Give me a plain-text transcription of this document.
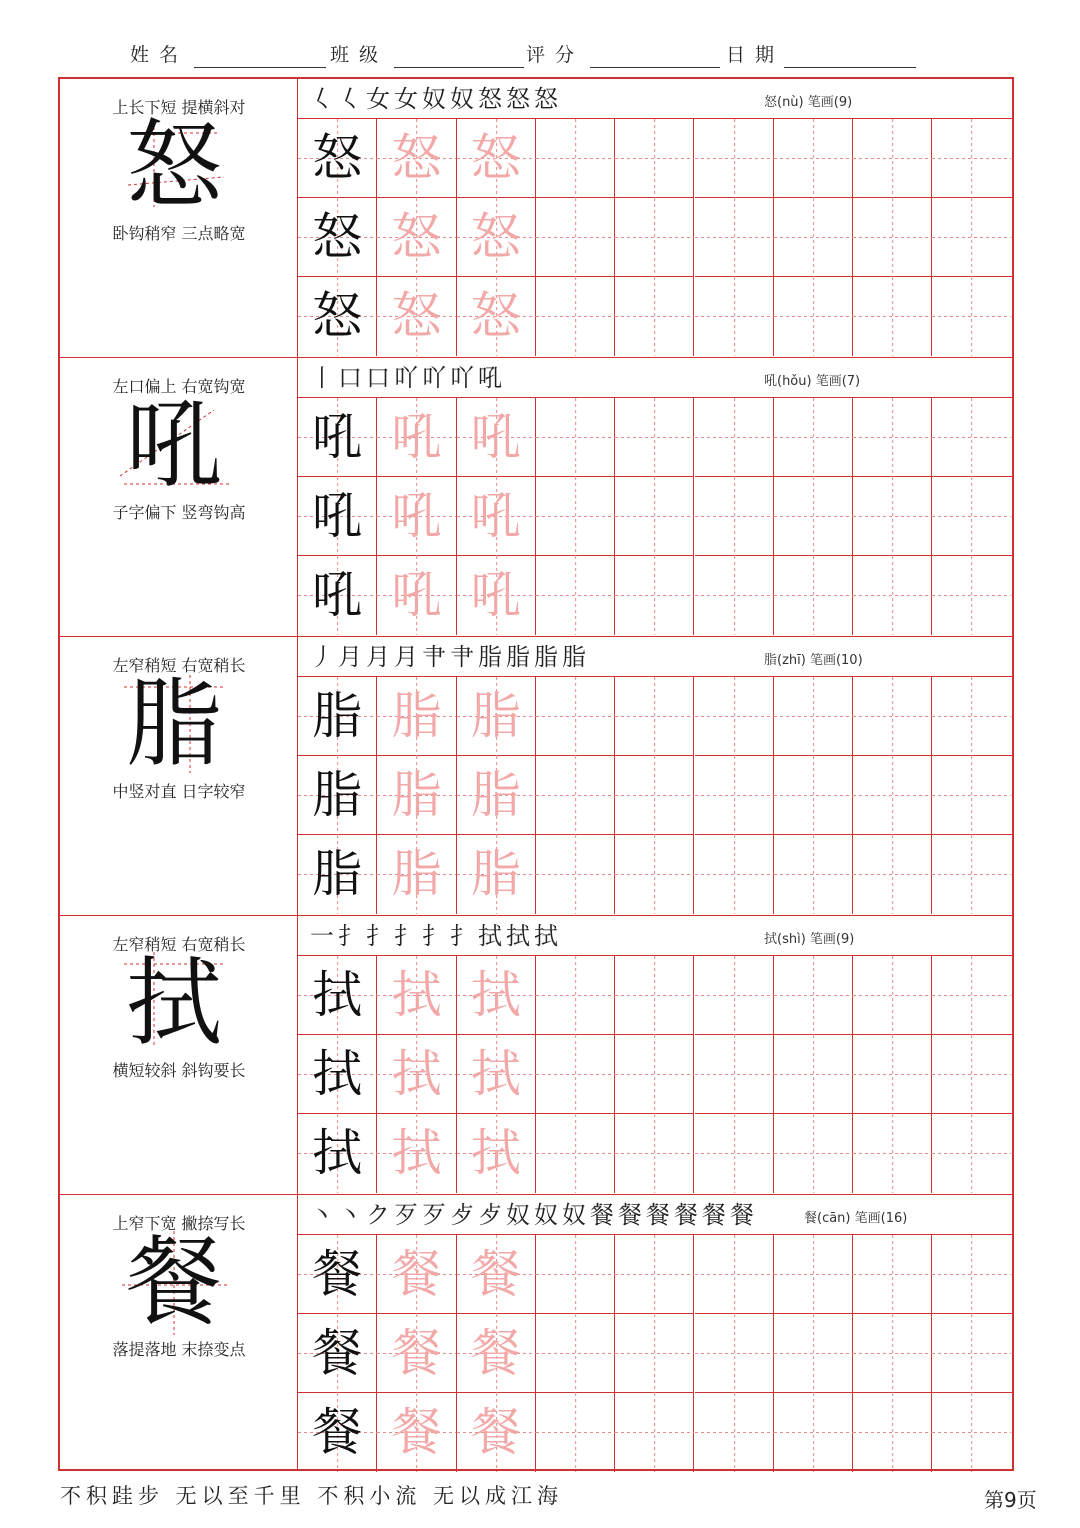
姓名	班级	评分	日期
上长下短 提横斜对
怒
卧钩稍窄 三点略宽
𡿨 𡿨 女 女 奴 奴 怒 怒 怒	怒(nù) 笔画(9)
怒 怒 怒
怒 怒 怒
怒 怒 怒
左口偏上 右宽钩宽
吼
子字偏下 竖弯钩高
丨 口 口 吖 吖 吖 吼	吼(hǒu) 笔画(7)
吼 吼 吼
吼 吼 吼
吼 吼 吼
左窄稍短 右宽稍长
脂
中竖对直 日字较窄
丿 月 月 月 肀 肀 脂 脂 脂 脂	脂(zhī) 笔画(10)
脂 脂 脂
脂 脂 脂
脂 脂 脂
左窄稍短 右宽稍长
拭
横短较斜 斜钩要长
一 扌 扌 扌 扌 扌 拭 拭 拭	拭(shì) 笔画(9)
拭 拭 拭
拭 拭 拭
拭 拭 拭
上窄下宽 撇捺写长
餐
落提落地 末捺变点
丶 丶 ク 歹 歹 歺 歺 奴 奴 奴 餐 餐 餐 餐 餐 餐	餐(cān) 笔画(16)
餐 餐 餐
餐 餐 餐
餐 餐 餐
不积跬步 无以至千里 不积小流 无以成江海	第9页
